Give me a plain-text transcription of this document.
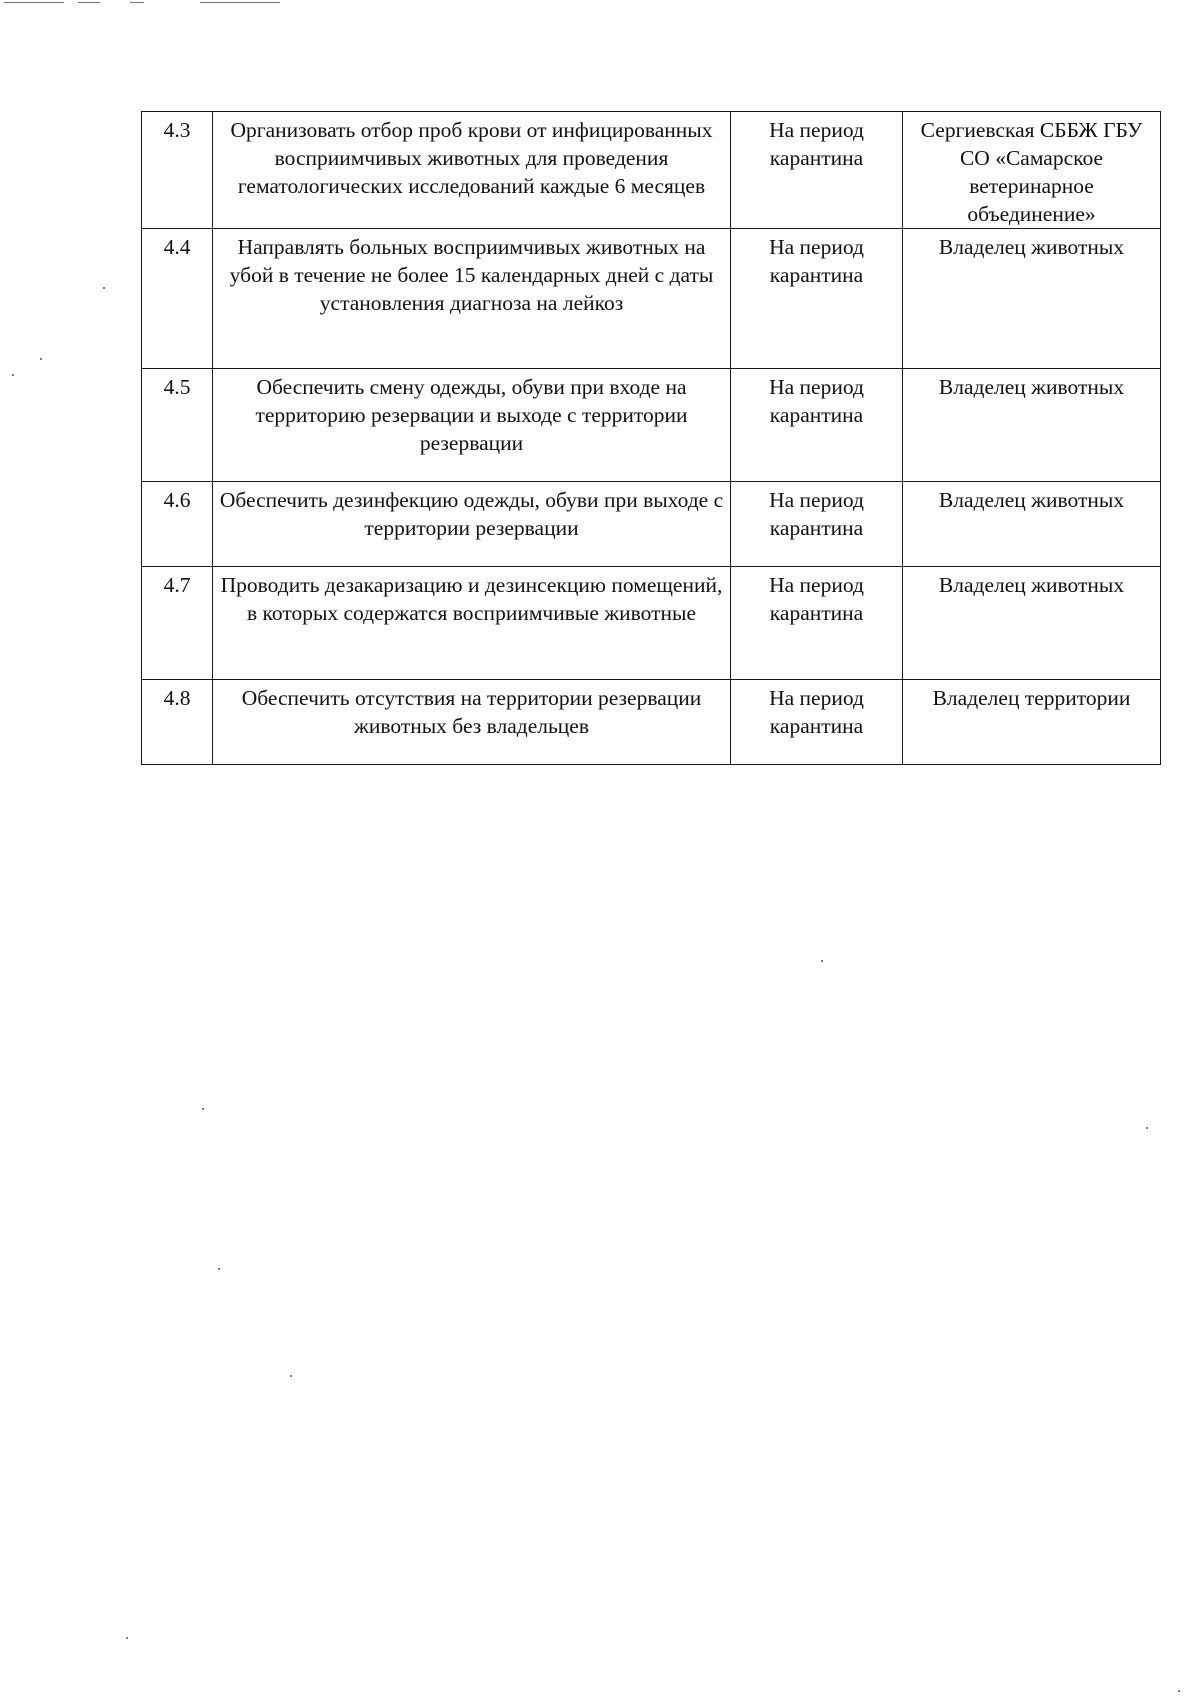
4.3	Организовать отбор проб крови от инфицированных восприимчивых животных для проведения гематологических исследований каждые 6 месяцев	На период карантина	Сергиевская СББЖ ГБУ СО «Самарское ветеринарное объединение»
4.4	Направлять больных восприимчивых животных на убой в течение не более 15 календарных дней с даты установления диагноза на лейкоз	На период карантина	Владелец животных
4.5	Обеспечить смену одежды, обуви при входе на территорию резервации и выходе с территории резервации	На период карантина	Владелец животных
4.6	Обеспечить дезинфекцию одежды, обуви при выходе с территории резервации	На период карантина	Владелец животных
4.7	Проводить дезакаризацию и дезинсекцию помещений, в которых содержатся восприимчивые животные	На период карантина	Владелец животных
4.8	Обеспечить отсутствия на территории резервации животных без владельцев	На период карантина	Владелец территории
